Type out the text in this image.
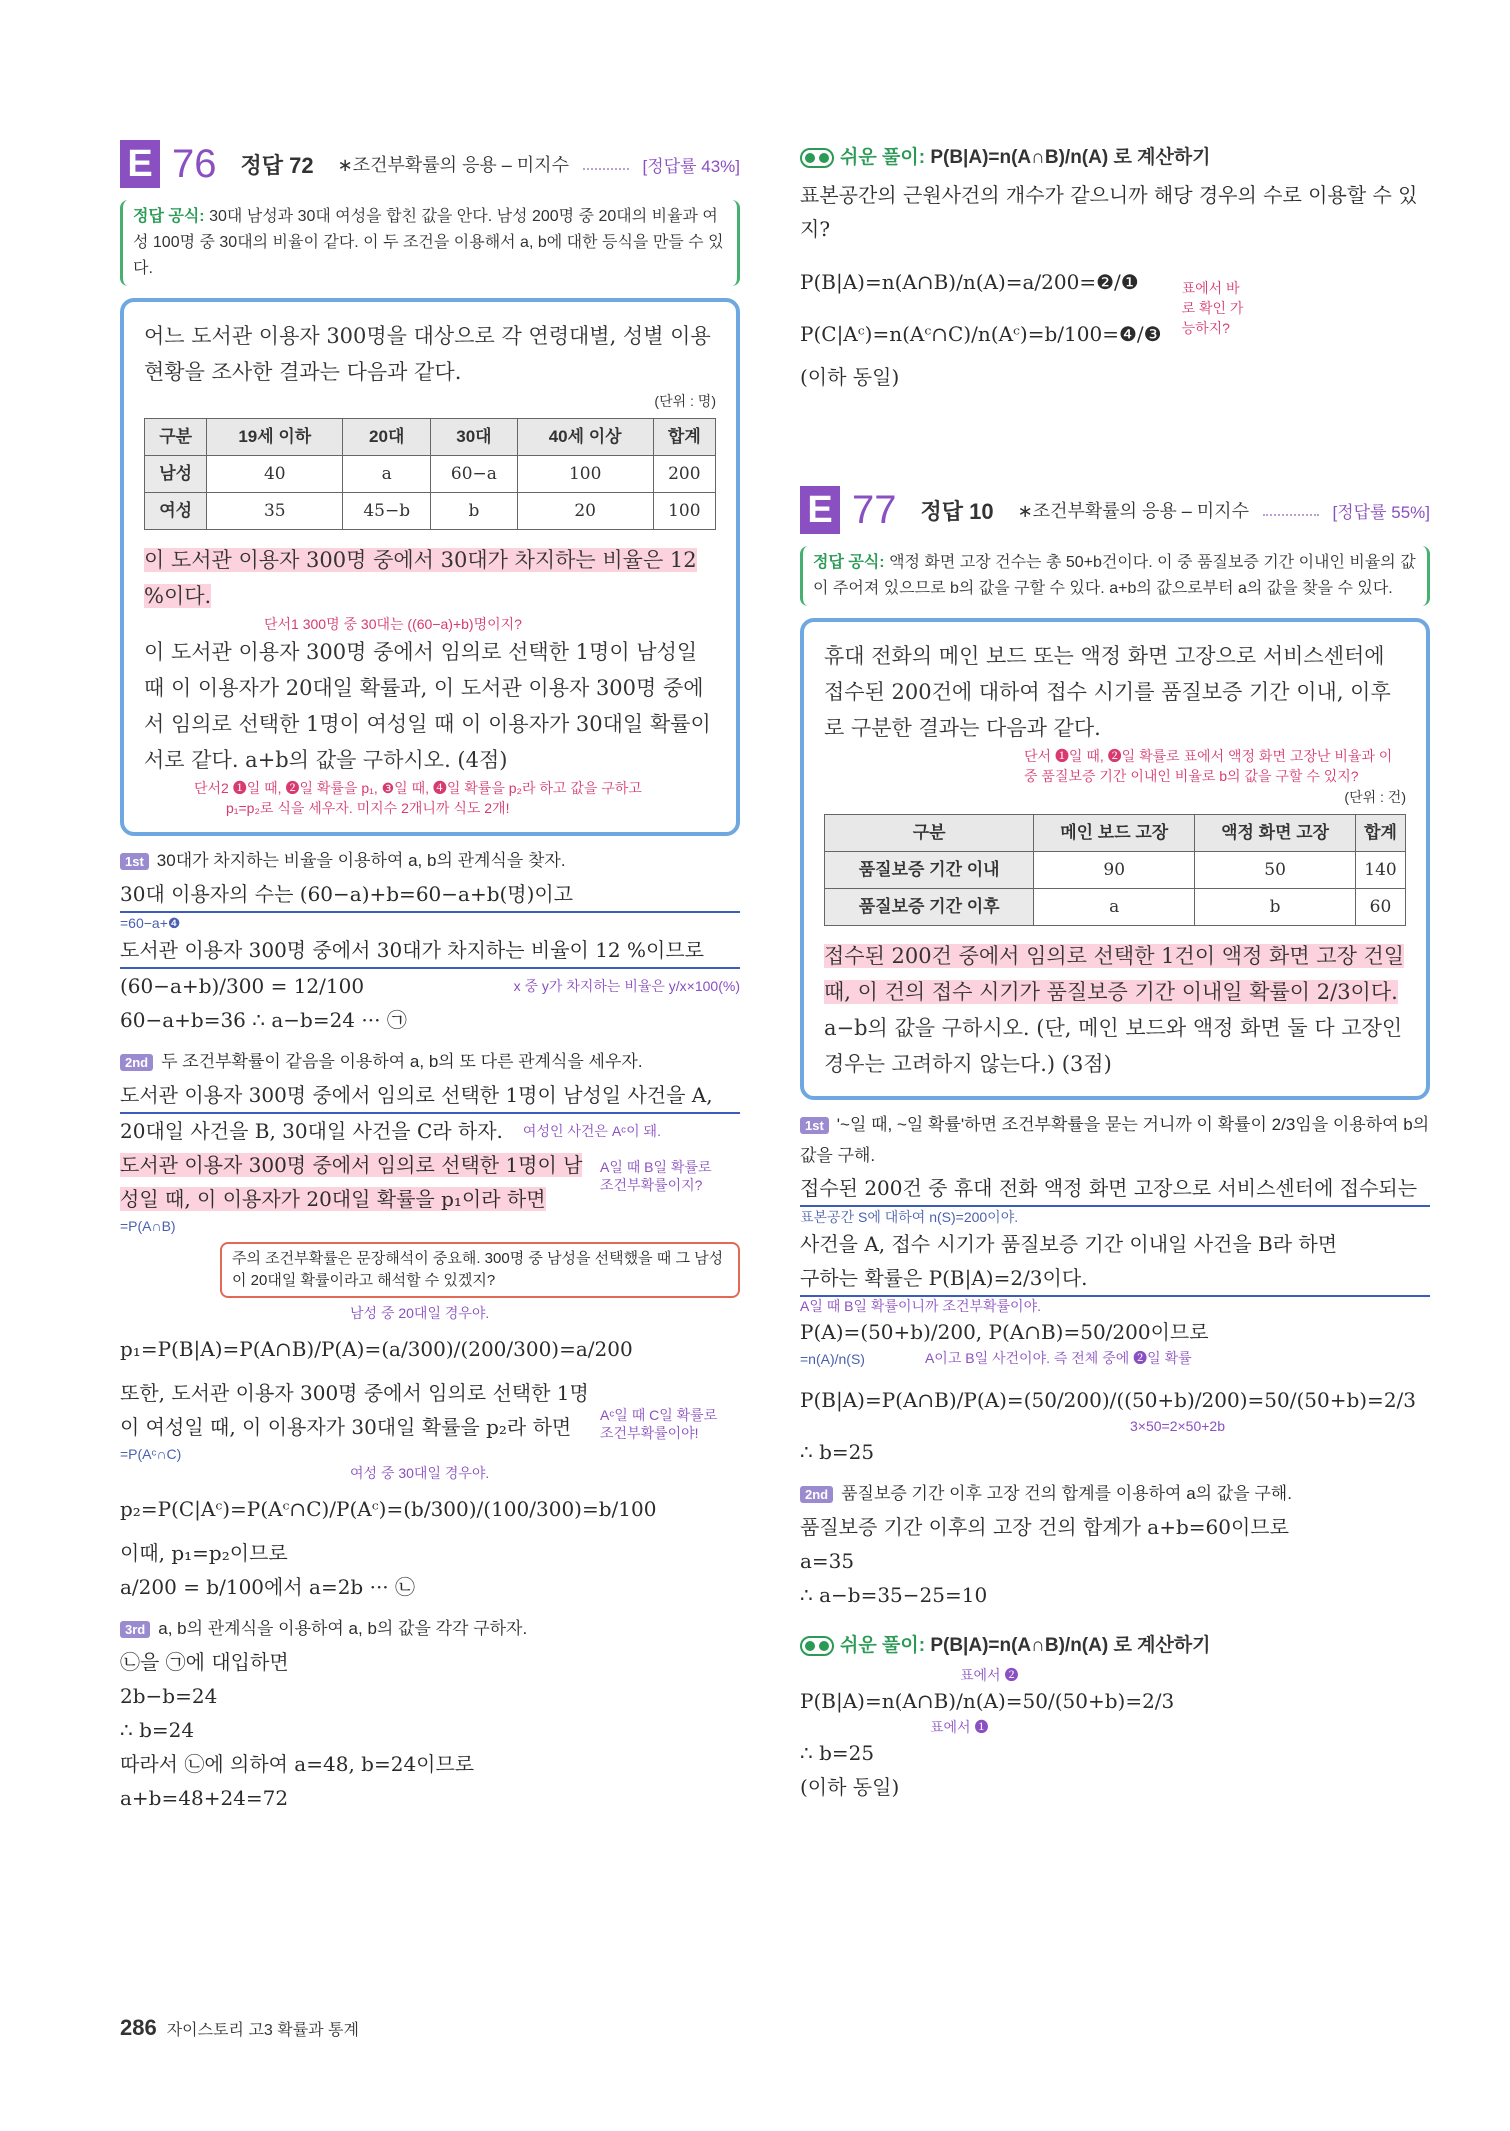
E 76 정답 72 ∗조건부확률의 응용 – 미지수	[정답률 43%]
정답 공식: 30대 남성과 30대 여성을 합친 값을 안다. 남성 200명 중 20대의 비율과 여성 100명 중 30대의 비율이 같다. 이 두 조건을 이용해서 a, b에 대한 등식을 만들 수 있다.
어느 도서관 이용자 300명을 대상으로 각 연령대별, 성별 이용 현황을 조사한 결과는 다음과 같다.
(단위 : 명)
구분	19세 이하	20대	30대	40세 이상	합계
남성	40	a	60−a	100	200
여성	35	45−b	b	20	100
이 도서관 이용자 300명 중에서 30대가 차지하는 비율은 12 %이다.
단서1 300명 중 30대는 ((60−a)+b)명이지?
이 도서관 이용자 300명 중에서 임의로 선택한 1명이 남성일 때 이 이용자가 20대일 확률과, 이 도서관 이용자 300명 중에서 임의로 선택한 1명이 여성일 때 이 이용자가 30대일 확률이 서로 같다. a+b의 값을 구하시오. (4점)
단서2 ❶일 때, ❷일 확률을 p₁, ❸일 때, ❹일 확률을 p₂라 하고 값을 구하고
p₁=p₂로 식을 세우자. 미지수 2개니까 식도 2개!
1st 30대가 차지하는 비율을 이용하여 a, b의 관계식을 찾자.
30대 이용자의 수는 (60−a)+b=60−a+b(명)이고
=60−a+❹
도서관 이용자 300명 중에서 30대가 차지하는 비율이 12 %이므로
(60−a+b)/300 = 12/100	x 중 y가 차지하는 비율은 y/x×100(%)
60−a+b=36 ∴ a−b=24 ··· ㉠
2nd 두 조건부확률이 같음을 이용하여 a, b의 또 다른 관계식을 세우자.
도서관 이용자 300명 중에서 임의로 선택한 1명이 남성일 사건을 A,
20대일 사건을 B, 30대일 사건을 C라 하자. 여성인 사건은 Aᶜ이 돼.
도서관 이용자 300명 중에서 임의로 선택한 1명이 남성일 때, 이 이용자가 20대일 확률을 p₁이라 하면
A일 때 B일 확률로 조건부확률이지?
=P(A∩B)
주의 조건부확률은 문장해석이 중요해. 300명 중 남성을 선택했을 때 그 남성이 20대일 확률이라고 해석할 수 있겠지?
남성 중 20대일 경우야.
p₁=P(B|A)=P(A∩B)/P(A)=(a/300)/(200/300)=a/200
또한, 도서관 이용자 300명 중에서 임의로 선택한 1명이 여성일 때, 이 이용자가 30대일 확률을 p₂라 하면	Aᶜ일 때 C일 확률로 조건부확률이야!
=P(Aᶜ∩C)
여성 중 30대일 경우야.
p₂=P(C|Aᶜ)=P(Aᶜ∩C)/P(Aᶜ)=(b/300)/(100/300)=b/100
이때, p₁=p₂이므로
a/200 = b/100에서 a=2b ··· ㉡
3rd a, b의 관계식을 이용하여 a, b의 값을 각각 구하자.
㉡을 ㉠에 대입하면
2b−b=24
∴ b=24
따라서 ㉡에 의하여 a=48, b=24이므로
a+b=48+24=72
쉬운 풀이: P(B|A)=n(A∩B)/n(A) 로 계산하기
표본공간의 근원사건의 개수가 같으니까 해당 경우의 수로 이용할 수 있지?
P(B|A)=n(A∩B)/n(A)=a/200=❷/❶
P(C|Aᶜ)=n(Aᶜ∩C)/n(Aᶜ)=b/100=❹/❸
표에서 바로 확인 가능하지?
(이하 동일)
E 77 정답 10 ∗조건부확률의 응용 – 미지수	[정답률 55%]
정답 공식: 액정 화면 고장 건수는 총 50+b건이다. 이 중 품질보증 기간 이내인 비율의 값이 주어져 있으므로 b의 값을 구할 수 있다. a+b의 값으로부터 a의 값을 찾을 수 있다.
휴대 전화의 메인 보드 또는 액정 화면 고장으로 서비스센터에 접수된 200건에 대하여 접수 시기를 품질보증 기간 이내, 이후로 구분한 결과는 다음과 같다.
단서 ❶일 때, ❷일 확률로 표에서 액정 화면 고장난 비율과 이 중 품질보증 기간 이내인 비율로 b의 값을 구할 수 있지?
(단위 : 건)
구분	메인 보드 고장	액정 화면 고장	합계
품질보증 기간 이내	90	50	140
품질보증 기간 이후	a	b	60
접수된 200건 중에서 임의로 선택한 1건이 액정 화면 고장 건일 때, 이 건의 접수 시기가 품질보증 기간 이내일 확률이 2/3이다.
a−b의 값을 구하시오. (단, 메인 보드와 액정 화면 둘 다 고장인 경우는 고려하지 않는다.) (3점)
1st '~일 때, ~일 확률'하면 조건부확률을 묻는 거니까 이 확률이 2/3임을 이용하여 b의 값을 구해.
접수된 200건 중 휴대 전화 액정 화면 고장으로 서비스센터에 접수되는
표본공간 S에 대하여 n(S)=200이야.
사건을 A, 접수 시기가 품질보증 기간 이내일 사건을 B라 하면
구하는 확률은 P(B|A)=2/3이다.
A일 때 B일 확률이니까 조건부확률이야.
P(A)=(50+b)/200, P(A∩B)=50/200이므로
=n(A)/n(S)	A이고 B일 사건이야. 즉 전체 중에 ❷일 확률
P(B|A)=P(A∩B)/P(A)=(50/200)/((50+b)/200)=50/(50+b)=2/3
3×50=2×50+2b
∴ b=25
2nd 품질보증 기간 이후 고장 건의 합계를 이용하여 a의 값을 구해.
품질보증 기간 이후의 고장 건의 합계가 a+b=60이므로
a=35
∴ a−b=35−25=10
쉬운 풀이: P(B|A)=n(A∩B)/n(A) 로 계산하기
표에서 ❷
P(B|A)=n(A∩B)/n(A)=50/(50+b)=2/3
표에서 ❶
∴ b=25
(이하 동일)
286 자이스토리 고3 확률과 통계
